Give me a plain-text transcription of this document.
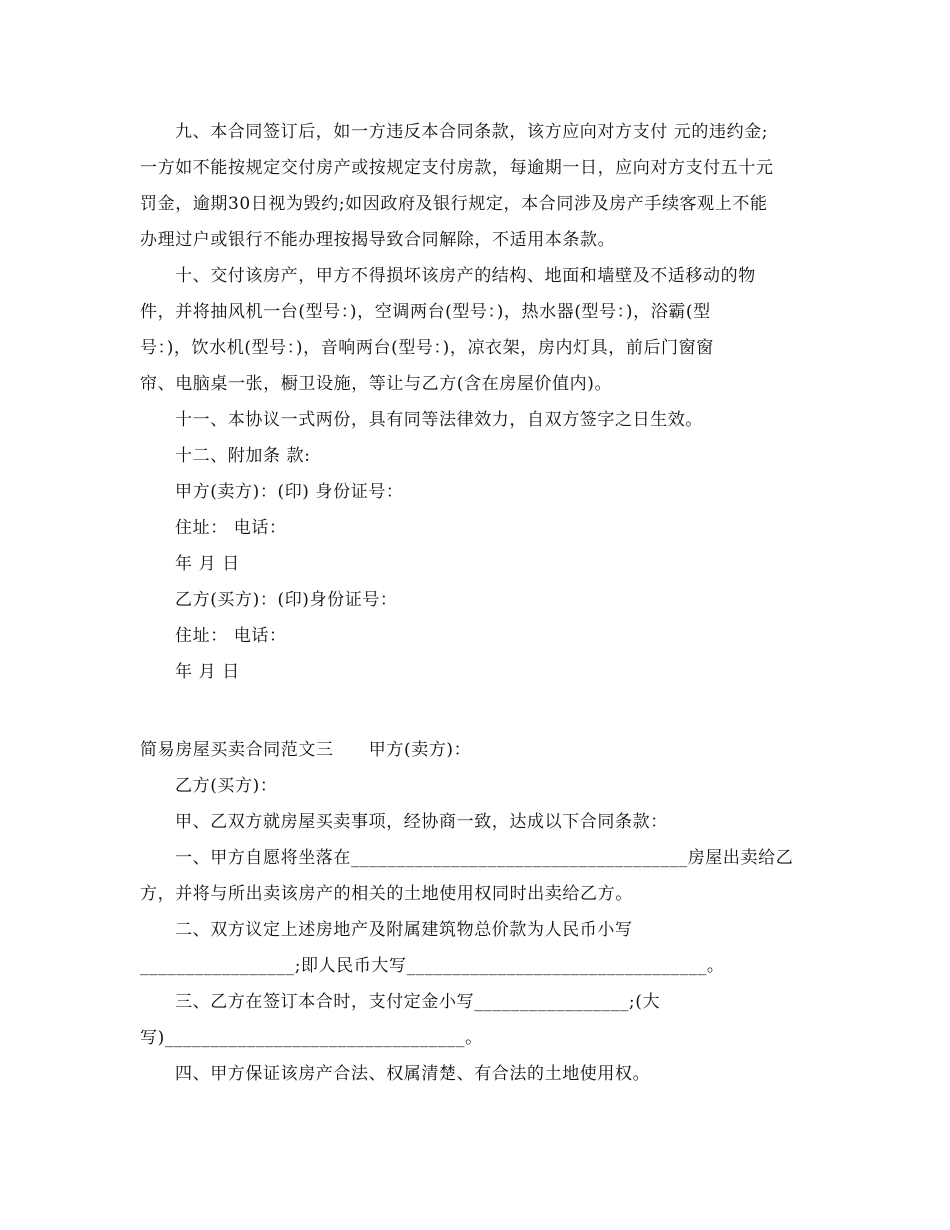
九、本合同签订后，如一方违反本合同条款，该方应向对方支付 元的违约金;
一方如不能按规定交付房产或按规定支付房款，每逾期一日，应向对方支付五十元
罚金，逾期30日视为毁约;如因政府及银行规定，本合同涉及房产手续客观上不能
办理过户或银行不能办理按揭导致合同解除，不适用本条款。
十、交付该房产，甲方不得损坏该房产的结构、地面和墙壁及不适移动的物
件，并将抽风机一台(型号：)，空调两台(型号：)，热水器(型号：)，浴霸(型
号：)，饮水机(型号：)，音响两台(型号：)，凉衣架，房内灯具，前后门窗窗
帘、电脑桌一张，橱卫设施，等让与乙方(含在房屋价值内)。
十一、本协议一式两份，具有同等法律效力，自双方签字之日生效。
十二、附加条 款:
甲方(卖方)：(印) 身份证号：
住址： 电话：
年 月 日
乙方(买方)：(印)身份证号：
住址： 电话：
年 月 日
简易房屋买卖合同范文三　　甲方(卖方)：
乙方(买方)：
甲、乙双方就房屋买卖事项，经协商一致，达成以下合同条款：
一、甲方自愿将坐落在_____________________________________房屋出卖给乙
方，并将与所出卖该房产的相关的土地使用权同时出卖给乙方。
二、双方议定上述房地产及附属建筑物总价款为人民币小写
_________________;即人民币大写_________________________________。
三、乙方在签订本合时，支付定金小写_________________;(大
写)_________________________________。
四、甲方保证该房产合法、权属清楚、有合法的土地使用权。
